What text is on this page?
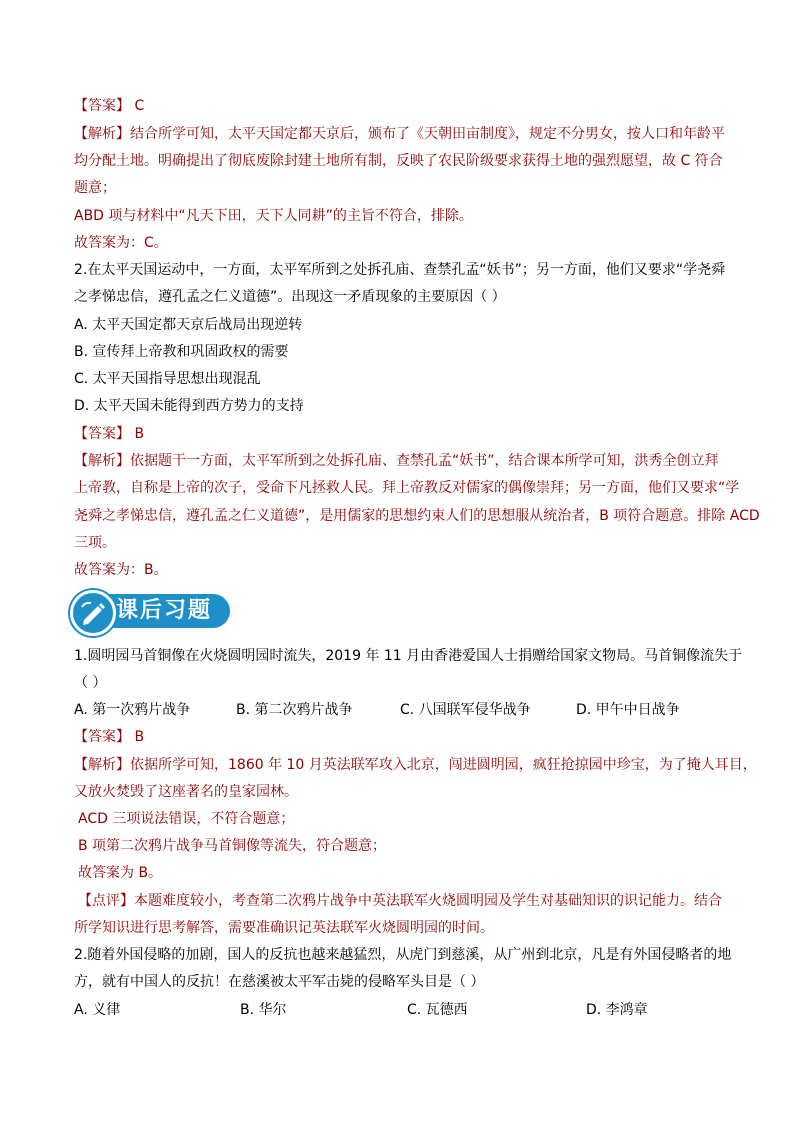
【答案】 C
【解析】结合所学可知，太平天国定都天京后，颁布了《天朝田亩制度》，规定不分男女，按人口和年龄平
均分配土地。明确提出了彻底废除封建土地所有制，反映了农民阶级要求获得土地的强烈愿望，故 C 符合
题意；
ABD 项与材料中“凡天下田，天下人同耕”的主旨不符合，排除。
故答案为：C。
2.在太平天国运动中，一方面，太平军所到之处拆孔庙、查禁孔孟“妖书”；另一方面，他们又要求“学尧舜
之孝悌忠信，遵孔孟之仁义道德”。出现这一矛盾现象的主要原因（ ）
A. 太平天国定都天京后战局出现逆转
B. 宣传拜上帝教和巩固政权的需要
C. 太平天国指导思想出现混乱
D. 太平天国未能得到西方势力的支持
【答案】 B
【解析】依据题干一方面，太平军所到之处拆孔庙、查禁孔孟“妖书”，结合课本所学可知，洪秀全创立拜
上帝教，自称是上帝的次子，受命下凡拯救人民。拜上帝教反对儒家的偶像崇拜；另一方面，他们又要求“学
尧舜之孝悌忠信，遵孔孟之仁义道德”，是用儒家的思想约束人们的思想服从统治者，B 项符合题意。排除 ACD
三项。
故答案为：B。
课后习题
1.圆明园马首铜像在火烧圆明园时流失，2019 年 11 月由香港爱国人士捐赠给国家文物局。马首铜像流失于
（ ）
A. 第一次鸦片战争	B. 第二次鸦片战争	C. 八国联军侵华战争	D. 甲午中日战争
【答案】 B
【解析】依据所学可知，1860 年 10 月英法联军攻入北京，闯进圆明园，疯狂抢掠园中珍宝，为了掩人耳目，
又放火焚毁了这座著名的皇家园林。
ACD 三项说法错误，不符合题意；
B 项第二次鸦片战争马首铜像等流失，符合题意；
故答案为 B。
【点评】本题难度较小，考查第二次鸦片战争中英法联军火烧圆明园及学生对基础知识的识记能力。结合
所学知识进行思考解答，需要准确识记英法联军火烧圆明园的时间。
2.随着外国侵略的加剧，国人的反抗也越来越猛烈，从虎门到慈溪，从广州到北京，凡是有外国侵略者的地
方，就有中国人的反抗！在慈溪被太平军击毙的侵略军头目是（ ）
A. 义律	B. 华尔	C. 瓦德西	D. 李鸿章
